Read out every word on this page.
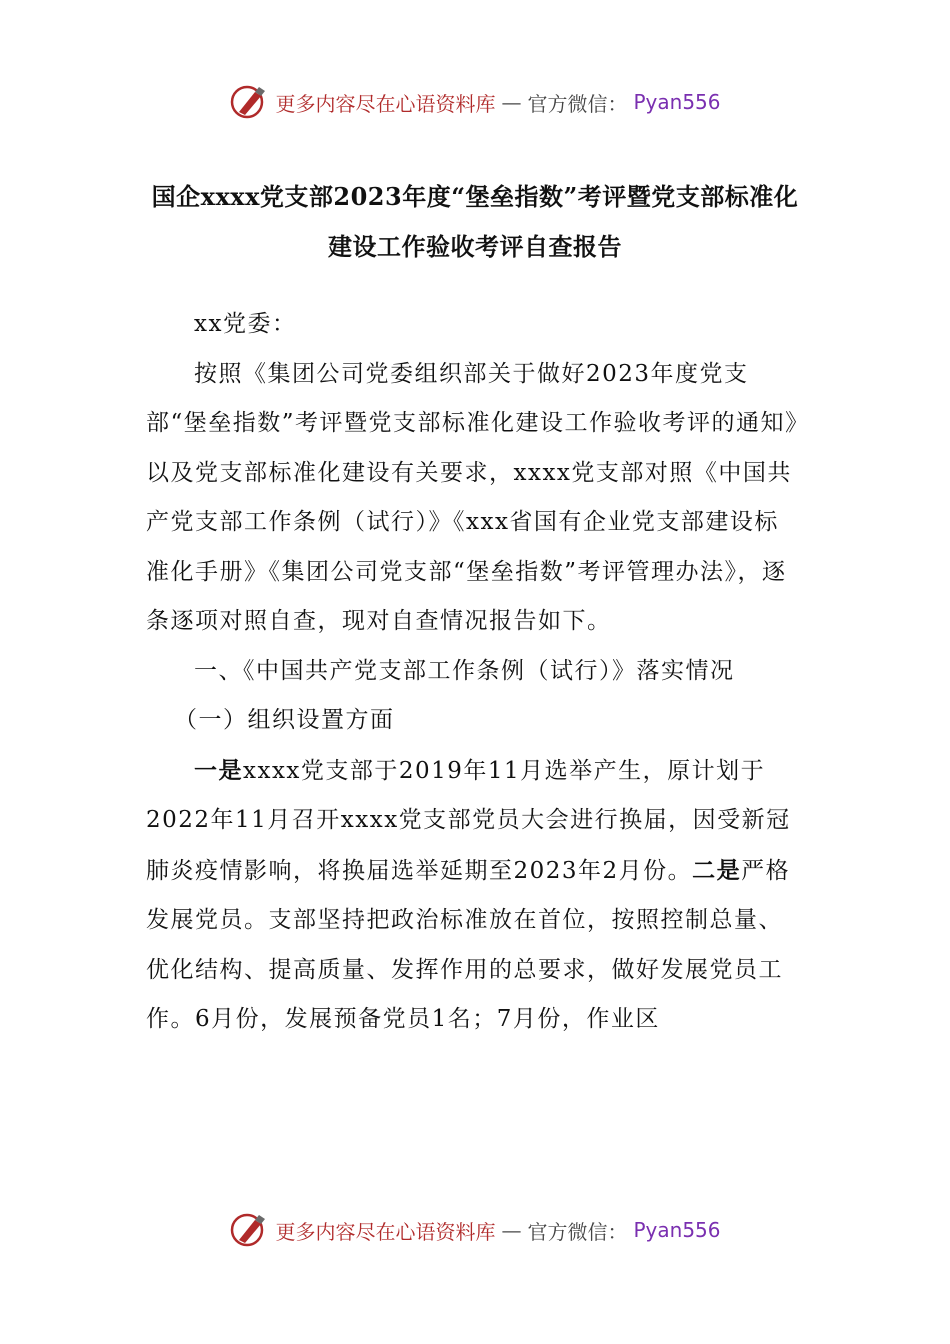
更多内容尽在心语资料库 — 官方微信： Pyan556
国企xxxx党支部2023年度“堡垒指数”考评暨党支部标准化建设工作验收考评自查报告

xx党委：

按照《集团公司党委组织部关于做好2023年度党支部“堡垒指数”考评暨党支部标准化建设工作验收考评的通知》以及党支部标准化建设有关要求，xxxx党支部对照《中国共产党支部工作条例（试行）》《xxx省国有企业党支部建设标准化手册》《集团公司党支部“堡垒指数”考评管理办法》，逐条逐项对照自查，现对自查情况报告如下。

一、《中国共产党支部工作条例（试行）》落实情况

（一）组织设置方面

一是xxxx党支部于2019年11月选举产生，原计划于2022年11月召开xxxx党支部党员大会进行换届，因受新冠肺炎疫情影响，将换届选举延期至2023年2月份。二是严格发展党员。支部坚持把政治标准放在首位，按照控制总量、优化结构、提高质量、发挥作用的总要求，做好发展党员工作。6月份，发展预备党员1名；7月份，作业区

更多内容尽在心语资料库 — 官方微信： Pyan556
